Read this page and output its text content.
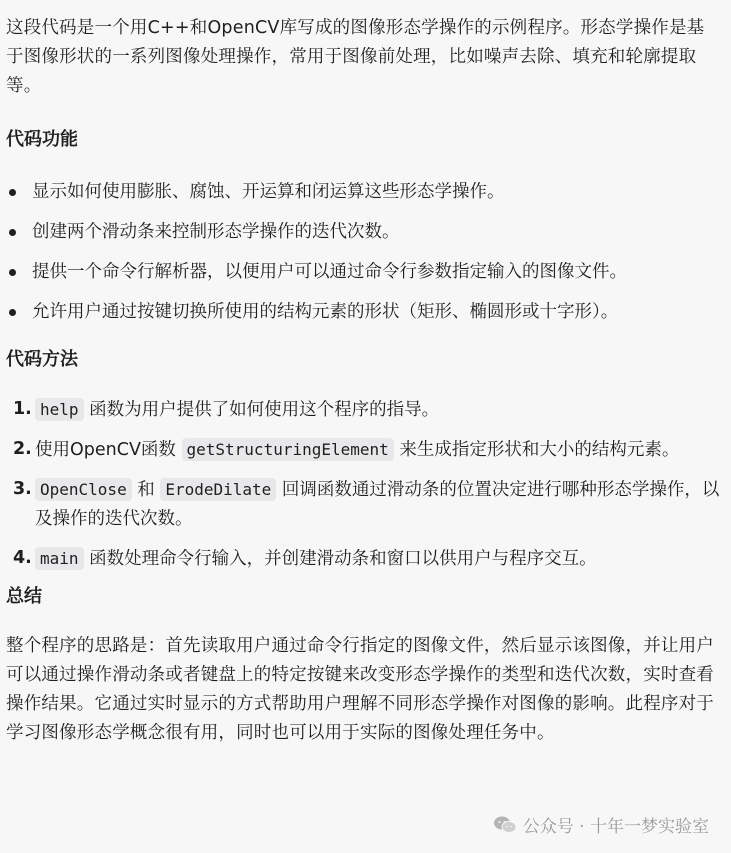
这段代码是一个用C++和OpenCV库写成的图像形态学操作的示例程序。形态学操作是基于图像形状的一系列图像处理操作，常用于图像前处理，比如噪声去除、填充和轮廓提取等。

代码功能
显示如何使用膨胀、腐蚀、开运算和闭运算这些形态学操作。
创建两个滑动条来控制形态学操作的迭代次数。
提供一个命令行解析器，以便用户可以通过命令行参数指定输入的图像文件。
允许用户通过按键切换所使用的结构元素的形状（矩形、椭圆形或十字形）。
代码方法
1. help 函数为用户提供了如何使用这个程序的指导。
2. 使用OpenCV函数 getStructuringElement 来生成指定形状和大小的结构元素。
3. OpenClose 和 ErodeDilate 回调函数通过滑动条的位置决定进行哪种形态学操作，以及操作的迭代次数。
4. main 函数处理命令行输入，并创建滑动条和窗口以供用户与程序交互。
总结

整个程序的思路是：首先读取用户通过命令行指定的图像文件，然后显示该图像，并让用户可以通过操作滑动条或者键盘上的特定按键来改变形态学操作的类型和迭代次数，实时查看操作结果。它通过实时显示的方式帮助用户理解不同形态学操作对图像的影响。此程序对于学习图像形态学概念很有用，同时也可以用于实际的图像处理任务中。

公众号 · 十年一梦实验室
